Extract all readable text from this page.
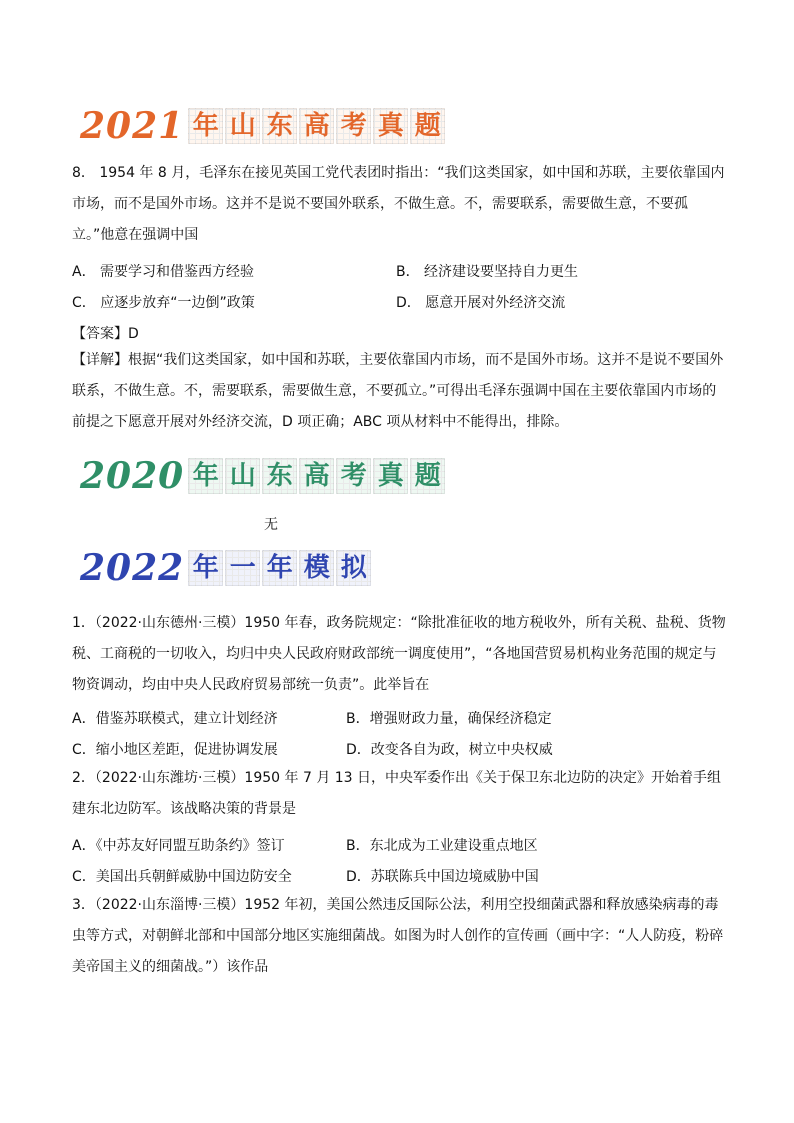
2021 年 山 东 高 考 真 题
8． 1954 年 8 月，毛泽东在接见英国工党代表团时指出：“我们这类国家，如中国和苏联，主要依靠国内市场，而不是国外市场。这并不是说不要国外联系，不做生意。不，需要联系，需要做生意，不要孤立。”他意在强调中国
A． 需要学习和借鉴西方经验	B． 经济建设要坚持自力更生
C． 应逐步放弃“一边倒”政策	D． 愿意开展对外经济交流
【答案】D
【详解】根据“我们这类国家，如中国和苏联，主要依靠国内市场，而不是国外市场。这并不是说不要国外联系，不做生意。不，需要联系，需要做生意，不要孤立。”可得出毛泽东强调中国在主要依靠国内市场的前提之下愿意开展对外经济交流，D 项正确；ABC 项从材料中不能得出，排除。
2020 年 山 东 高 考 真 题
无
2022 年 一 年 模 拟
1．（2022·山东德州·三模）1950 年春，政务院规定：“除批准征收的地方税收外，所有关税、盐税、货物税、工商税的一切收入，均归中央人民政府财政部统一调度使用”，“各地国营贸易机构业务范围的规定与物资调动，均由中央人民政府贸易部统一负责”。此举旨在
A．借鉴苏联模式，建立计划经济	B．增强财政力量，确保经济稳定
C．缩小地区差距，促进协调发展	D．改变各自为政，树立中央权威
2．（2022·山东潍坊·三模）1950 年 7 月 13 日，中央军委作出《关于保卫东北边防的决定》开始着手组建东北边防军。该战略决策的背景是
A．《中苏友好同盟互助条约》签订	B．东北成为工业建设重点地区
C．美国出兵朝鲜威胁中国边防安全	D．苏联陈兵中国边境威胁中国
3．（2022·山东淄博·三模）1952 年初，美国公然违反国际公法，利用空投细菌武器和释放感染病毒的毒虫等方式，对朝鲜北部和中国部分地区实施细菌战。如图为时人创作的宣传画（画中字：“人人防疫，粉碎美帝国主义的细菌战。”）该作品
